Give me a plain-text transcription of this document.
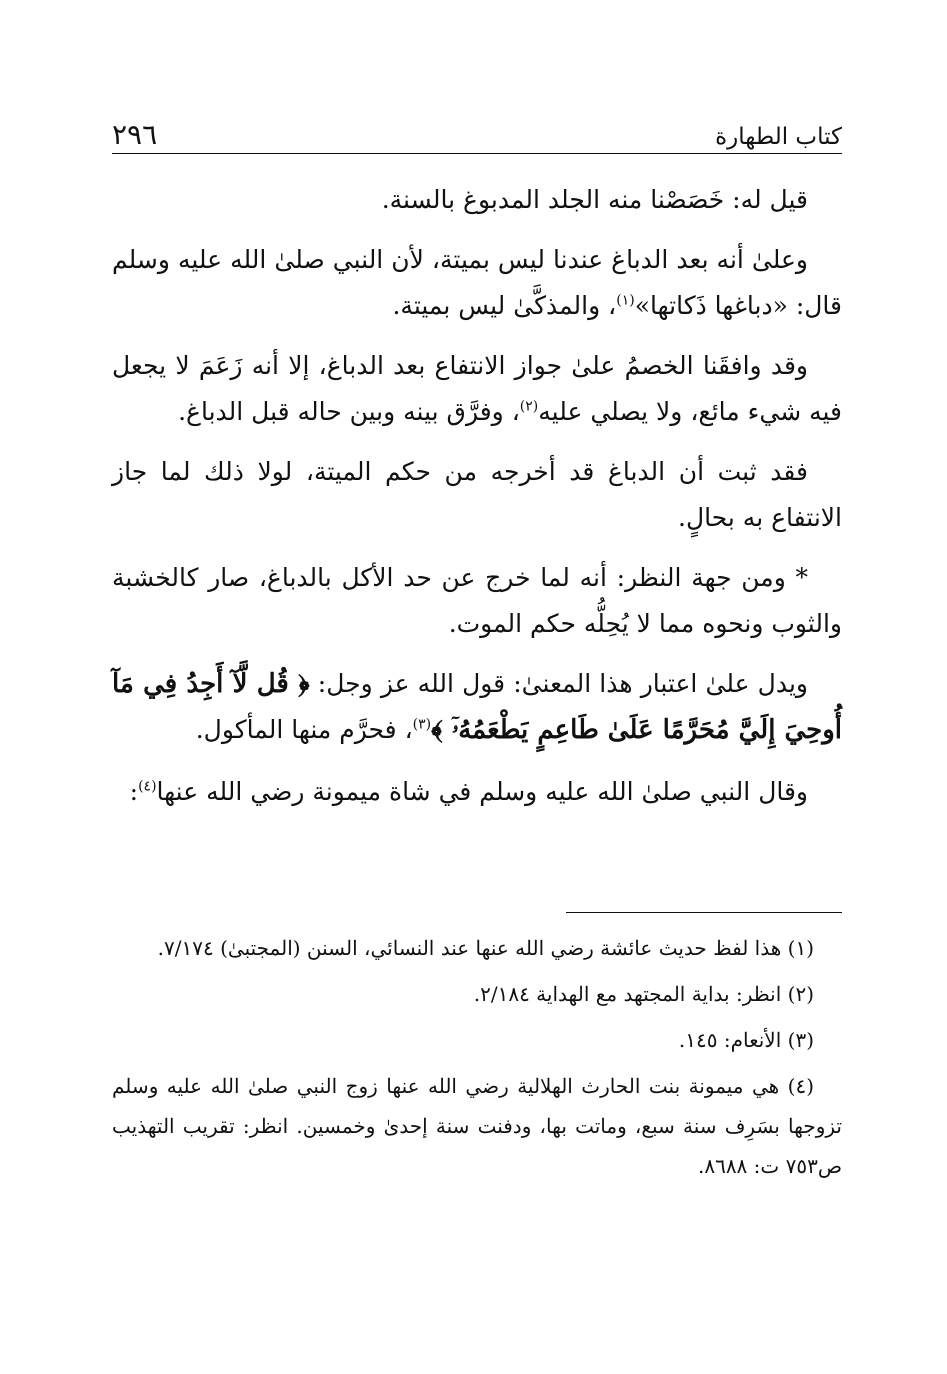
كتاب الطهارة
٢٩٦

قيل له: خَصَصْنا منه الجلد المدبوغ بالسنة.

وعلىٰ أنه بعد الدباغ عندنا ليس بميتة، لأن النبي صلىٰ الله عليه وسلم قال: «دباغها ذَكاتها»$^{(١)}$، والمذكَّىٰ ليس بميتة.

وقد وافقَنا الخصمُ علىٰ جواز الانتفاع بعد الدباغ، إلا أنه زَعَمَ لا يجعل فيه شيء مائع، ولا يصلي عليه$^{(٢)}$، وفرَّق بينه وبين حاله قبل الدباغ.

فقد ثبت أن الدباغ قد أخرجه من حكم الميتة، لولا ذلك لما جاز الانتفاع به بحالٍ.

* ومن جهة النظر: أنه لما خرج عن حد الأكل بالدباغ، صار كالخشبة والثوب ونحوه مما لا يُحِلُّه حكم الموت.

ويدل علىٰ اعتبار هذا المعنىٰ: قول الله عز وجل: ﴿ قُل لَّآ أَجِدُ فِي مَآ أُوحِيَ إِلَيَّ مُحَرَّمًا عَلَىٰ طَاعِمٍ يَطْعَمُهُۥٓ ﴾$^{(٣)}$، فحرَّم منها المأكول.

وقال النبي صلىٰ الله عليه وسلم في شاة ميمونة رضي الله عنها$^{(٤)}$:

(١) هذا لفظ حديث عائشة رضي الله عنها عند النسائي، السنن (المجتبىٰ) ٧/١٧٤.

(٢) انظر: بداية المجتهد مع الهداية ٢/١٨٤.

(٣) الأنعام: ١٤٥.

(٤) هي ميمونة بنت الحارث الهلالية رضي الله عنها زوج النبي صلىٰ الله عليه وسلم تزوجها بسَرِف سنة سبع، وماتت بها، ودفنت سنة إحدىٰ وخمسين. انظر: تقريب التهذيب ص٧٥٣ ت: ٨٦٨٨.
